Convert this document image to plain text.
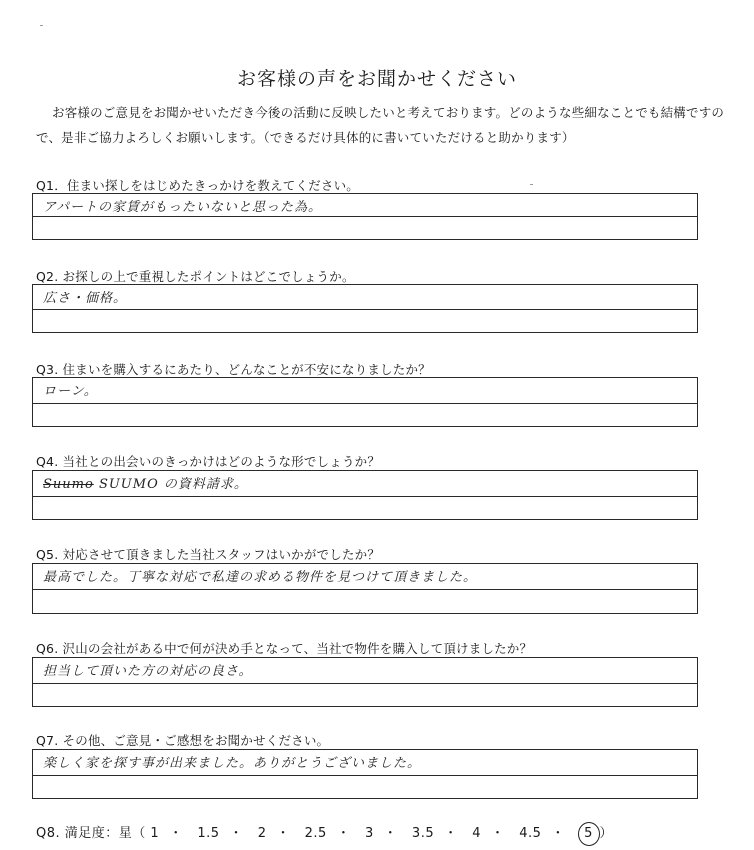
お客様の声をお聞かせください
お客様のご意見をお聞かせいただき今後の活動に反映したいと考えております。どのような些細なことでも結構ですので、是非ご協力よろしくお願いします。（できるだけ具体的に書いていただけると助かります）
Q1．住まい探しをはじめたきっかけを教えてください。
アパートの家賃がもったいないと思った為。
Q2. お探しの上で重視したポイントはどこでしょうか。
広さ・価格。
Q3. 住まいを購入するにあたり、どんなことが不安になりましたか？
ローン。
Q4. 当社との出会いのきっかけはどのような形でしょうか？
Suumo SUUMO の資料請求。
Q5. 対応させて頂きました当社スタッフはいかがでしたか？
最高でした。丁寧な対応で私達の求める物件を見つけて頂きました。
Q6. 沢山の会社がある中で何が決め手となって、当社で物件を購入して頂けましたか？
担当して頂いた方の対応の良さ。
Q7. その他、ご意見・ご感想をお聞かせください。
楽しく家を探す事が出来ました。ありがとうございました。
Q8. 満足度：星（ 1 ・ 1.5 ・ 2 ・ 2.5 ・ 3 ・ 3.5 ・ 4 ・ 4.5 ・ 5 ）
